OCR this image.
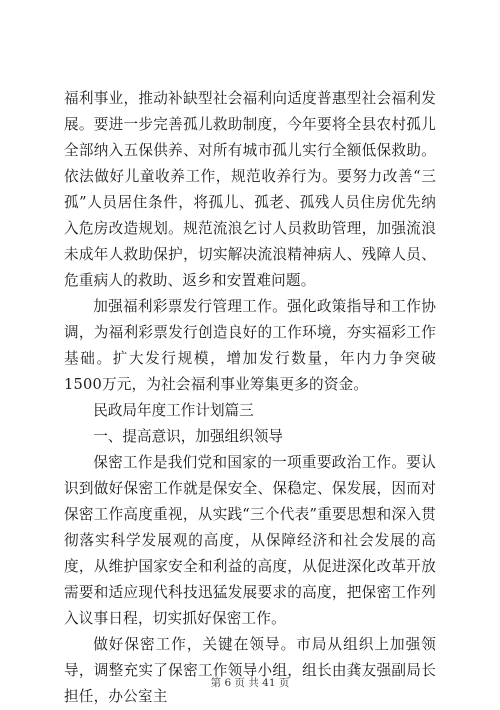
福利事业，推动补缺型社会福利向适度普惠型社会福利发展。要进一步完善孤儿救助制度，今年要将全县农村孤儿全部纳入五保供养、对所有城市孤儿实行全额低保救助。依法做好儿童收养工作，规范收养行为。要努力改善“三孤”人员居住条件，将孤儿、孤老、孤残人员住房优先纳入危房改造规划。规范流浪乞讨人员救助管理，加强流浪未成年人救助保护，切实解决流浪精神病人、残障人员、危重病人的救助、返乡和安置难问题。

加强福利彩票发行管理工作。强化政策指导和工作协调，为福利彩票发行创造良好的工作环境，夯实福彩工作基础。扩大发行规模，增加发行数量，年内力争突破1500万元，为社会福利事业筹集更多的资金。

民政局年度工作计划篇三

一、提高意识，加强组织领导

保密工作是我们党和国家的一项重要政治工作。要认识到做好保密工作就是保安全、保稳定、保发展，因而对保密工作高度重视，从实践“三个代表”重要思想和深入贯彻落实科学发展观的高度，从保障经济和社会发展的高度，从维护国家安全和利益的高度，从促进深化改革开放需要和适应现代科技迅猛发展要求的高度，把保密工作列入议事日程，切实抓好保密工作。

做好保密工作，关键在领导。市局从组织上加强领导，调整充实了保密工作领导小组，组长由龚友强副局长担任，办公室主

第 6 页 共 41 页
